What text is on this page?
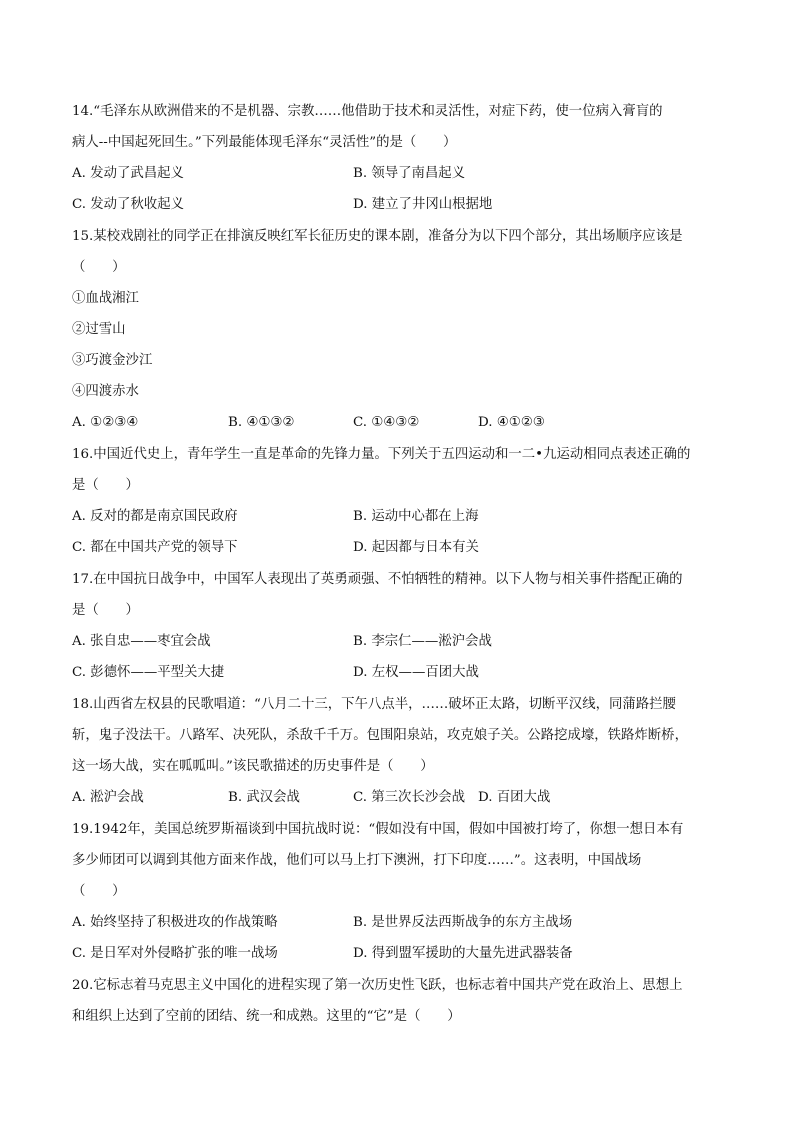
14.“毛泽东从欧洲借来的不是机器、宗教……他借助于技术和灵活性，对症下药，使一位病入膏肓的
病人--中国起死回生。”下列最能体现毛泽东“灵活性”的是（　　）
A. 发动了武昌起义	B. 领导了南昌起义
C. 发动了秋收起义	D. 建立了井冈山根据地
15.某校戏剧社的同学正在排演反映红军长征历史的课本剧，准备分为以下四个部分，其出场顺序应该是
（　　）
①血战湘江
②过雪山
③巧渡金沙江
④四渡赤水
A. ①②③④	B. ④①③②	C. ①④③②	D. ④①②③
16.中国近代史上，青年学生一直是革命的先锋力量。下列关于五四运动和一二•九运动相同点表述正确的
是（　　）
A. 反对的都是南京国民政府	B. 运动中心都在上海
C. 都在中国共产党的领导下	D. 起因都与日本有关
17.在中国抗日战争中，中国军人表现出了英勇顽强、不怕牺牲的精神。以下人物与相关事件搭配正确的
是（　　）
A. 张自忠——枣宜会战	B. 李宗仁——淞沪会战
C. 彭德怀——平型关大捷	D. 左权——百团大战
18.山西省左权县的民歌唱道：“八月二十三，下午八点半，……破坏正太路，切断平汉线，同蒲路拦腰
斩，鬼子没法干。八路军、决死队，杀敌千千万。包围阳泉站，攻克娘子关。公路挖成壕，铁路炸断桥，
这一场大战，实在呱呱叫。”该民歌描述的历史事件是（　　）
A. 淞沪会战	B. 武汉会战	C. 第三次长沙会战 D. 百团大战
19.1942年，美国总统罗斯福谈到中国抗战时说：“假如没有中国，假如中国被打垮了，你想一想日本有
多少师团可以调到其他方面来作战，他们可以马上打下澳洲，打下印度……”。这表明，中国战场
（　　）
A. 始终坚持了积极进攻的作战策略	B. 是世界反法西斯战争的东方主战场
C. 是日军对外侵略扩张的唯一战场	D. 得到盟军援助的大量先进武器装备
20.它标志着马克思主义中国化的进程实现了第一次历史性飞跃，也标志着中国共产党在政治上、思想上
和组织上达到了空前的团结、统一和成熟。这里的“它”是（　　）
